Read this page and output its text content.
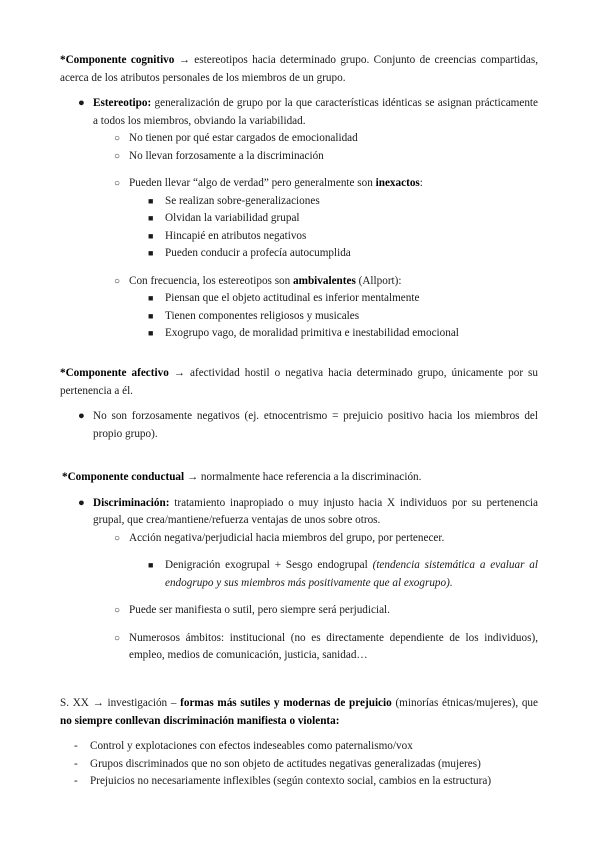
*Componente cognitivo → estereotipos hacia determinado grupo. Conjunto de creencias compartidas, acerca de los atributos personales de los miembros de un grupo.

● Estereotipo: generalización de grupo por la que características idénticas se asignan prácticamente a todos los miembros, obviando la variabilidad.
○ No tienen por qué estar cargados de emocionalidad
○ No llevan forzosamente a la discriminación
○ Pueden llevar “algo de verdad” pero generalmente son inexactos:
■ Se realizan sobre-generalizaciones
■ Olvidan la variabilidad grupal
■ Hincapié en atributos negativos
■ Pueden conducir a profecía autocumplida
○ Con frecuencia, los estereotipos son ambivalentes (Allport):
■ Piensan que el objeto actitudinal es inferior mentalmente
■ Tienen componentes religiosos y musicales
■ Exogrupo vago, de moralidad primitiva e inestabilidad emocional

*Componente afectivo → afectividad hostil o negativa hacia determinado grupo, únicamente por su pertenencia a él.

● No son forzosamente negativos (ej. etnocentrismo = prejuicio positivo hacia los miembros del propio grupo).

*Componente conductual → normalmente hace referencia a la discriminación.

● Discriminación: tratamiento inapropiado o muy injusto hacia X individuos por su pertenencia grupal, que crea/mantiene/refuerza ventajas de unos sobre otros.
○ Acción negativa/perjudicial hacia miembros del grupo, por pertenecer.
■ Denigración exogrupal + Sesgo endogrupal (tendencia sistemática a evaluar al endogrupo y sus miembros más positivamente que al exogrupo).
○ Puede ser manifiesta o sutil, pero siempre será perjudicial.
○ Numerosos ámbitos: institucional (no es directamente dependiente de los individuos), empleo, medios de comunicación, justicia, sanidad…

S. XX → investigación – formas más sutiles y modernas de prejuicio (minorías étnicas/mujeres), que no siempre conllevan discriminación manifiesta o violenta:

- Control y explotaciones con efectos indeseables como paternalismo/vox
- Grupos discriminados que no son objeto de actitudes negativas generalizadas (mujeres)
- Prejuicios no necesariamente inflexibles (según contexto social, cambios en la estructura)
